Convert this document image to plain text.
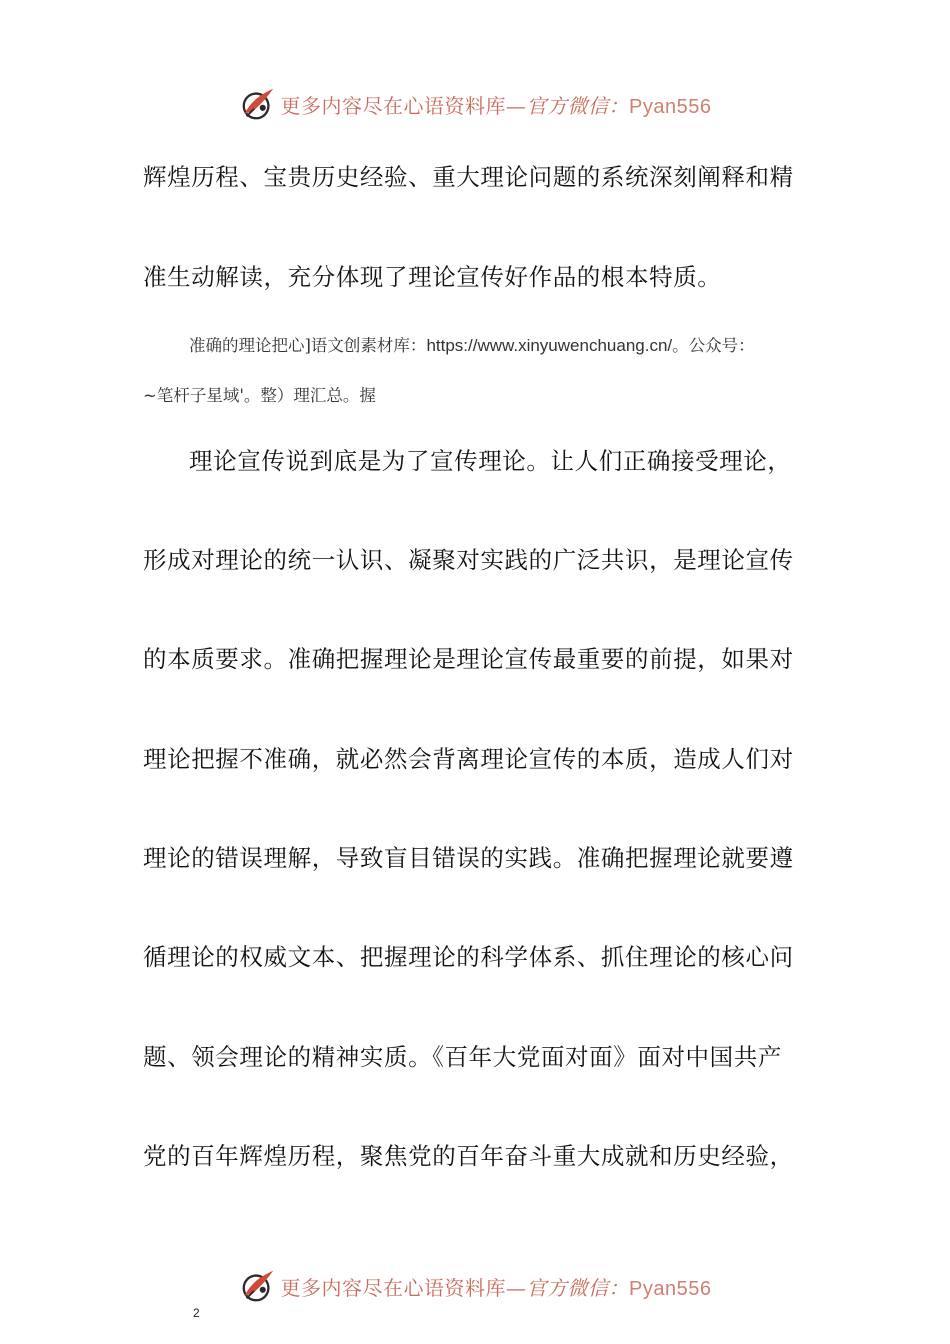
更多内容尽在心语资料库—官方微信：Pyan556
辉煌历程、宝贵历史经验、重大理论问题的系统深刻阐释和精
准生动解读，充分体现了理论宣传好作品的根本特质。
准确的理论把心]语文创素材库：https://www.xinyuwenchuang.cn/。公众号：
~笔杆子星域'。整）理汇总。握
理论宣传说到底是为了宣传理论。让人们正确接受理论，
形成对理论的统一认识、凝聚对实践的广泛共识，是理论宣传
的本质要求。准确把握理论是理论宣传最重要的前提，如果对
理论把握不准确，就必然会背离理论宣传的本质，造成人们对
理论的错误理解，导致盲目错误的实践。准确把握理论就要遵
循理论的权威文本、把握理论的科学体系、抓住理论的核心问
题、领会理论的精神实质。《百年大党面对面》面对中国共产
党的百年辉煌历程，聚焦党的百年奋斗重大成就和历史经验，
更多内容尽在心语资料库—官方微信：Pyan556
2
